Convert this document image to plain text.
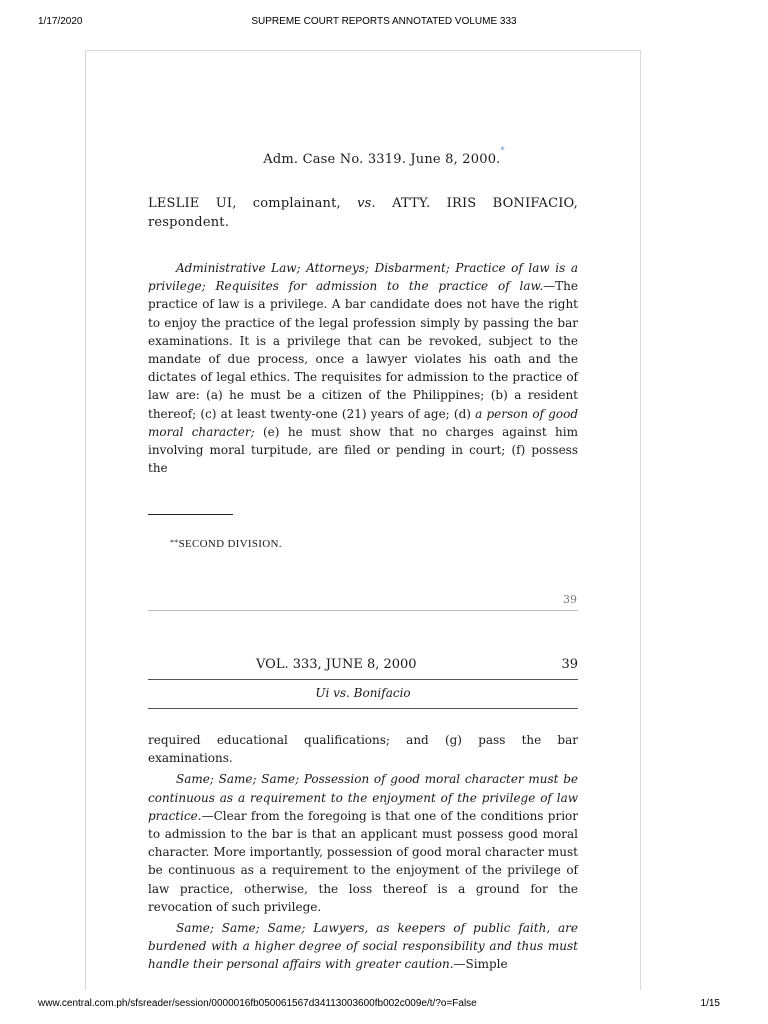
1/17/2020	SUPREME COURT REPORTS ANNOTATED VOLUME 333
Adm. Case No. 3319. June 8, 2000.*
LESLIE UI, complainant, vs. ATTY. IRIS BONIFACIO, respondent.

Administrative Law; Attorneys; Disbarment; Practice of law is a privilege; Requisites for admission to the practice of law.—The practice of law is a privilege. A bar candidate does not have the right to enjoy the practice of the legal profession simply by passing the bar examinations. It is a privilege that can be revoked, subject to the mandate of due process, once a lawyer violates his oath and the dictates of legal ethics. The requisites for admission to the practice of law are: (a) he must be a citizen of the Philippines; (b) a resident thereof; (c) at least twenty-one (21) years of age; (d) a person of good moral character; (e) he must show that no charges against him involving moral turpitude, are filed or pending in court; (f) possess the

**SECOND DIVISION.
39
VOL. 333, JUNE 8, 2000	39
Ui vs. Bonifacio

required educational qualifications; and (g) pass the bar examinations.

Same; Same; Same; Possession of good moral character must be continuous as a requirement to the enjoyment of the privilege of law practice.—Clear from the foregoing is that one of the conditions prior to admission to the bar is that an applicant must possess good moral character. More importantly, possession of good moral character must be continuous as a requirement to the enjoyment of the privilege of law practice, otherwise, the loss thereof is a ground for the revocation of such privilege.

Same; Same; Same; Lawyers, as keepers of public faith, are burdened with a higher degree of social responsibility and thus must handle their personal affairs with greater caution.—Simple

www.central.com.ph/sfsreader/session/0000016fb050061567d34113003600fb002c009e/t/?o=False	1/15
